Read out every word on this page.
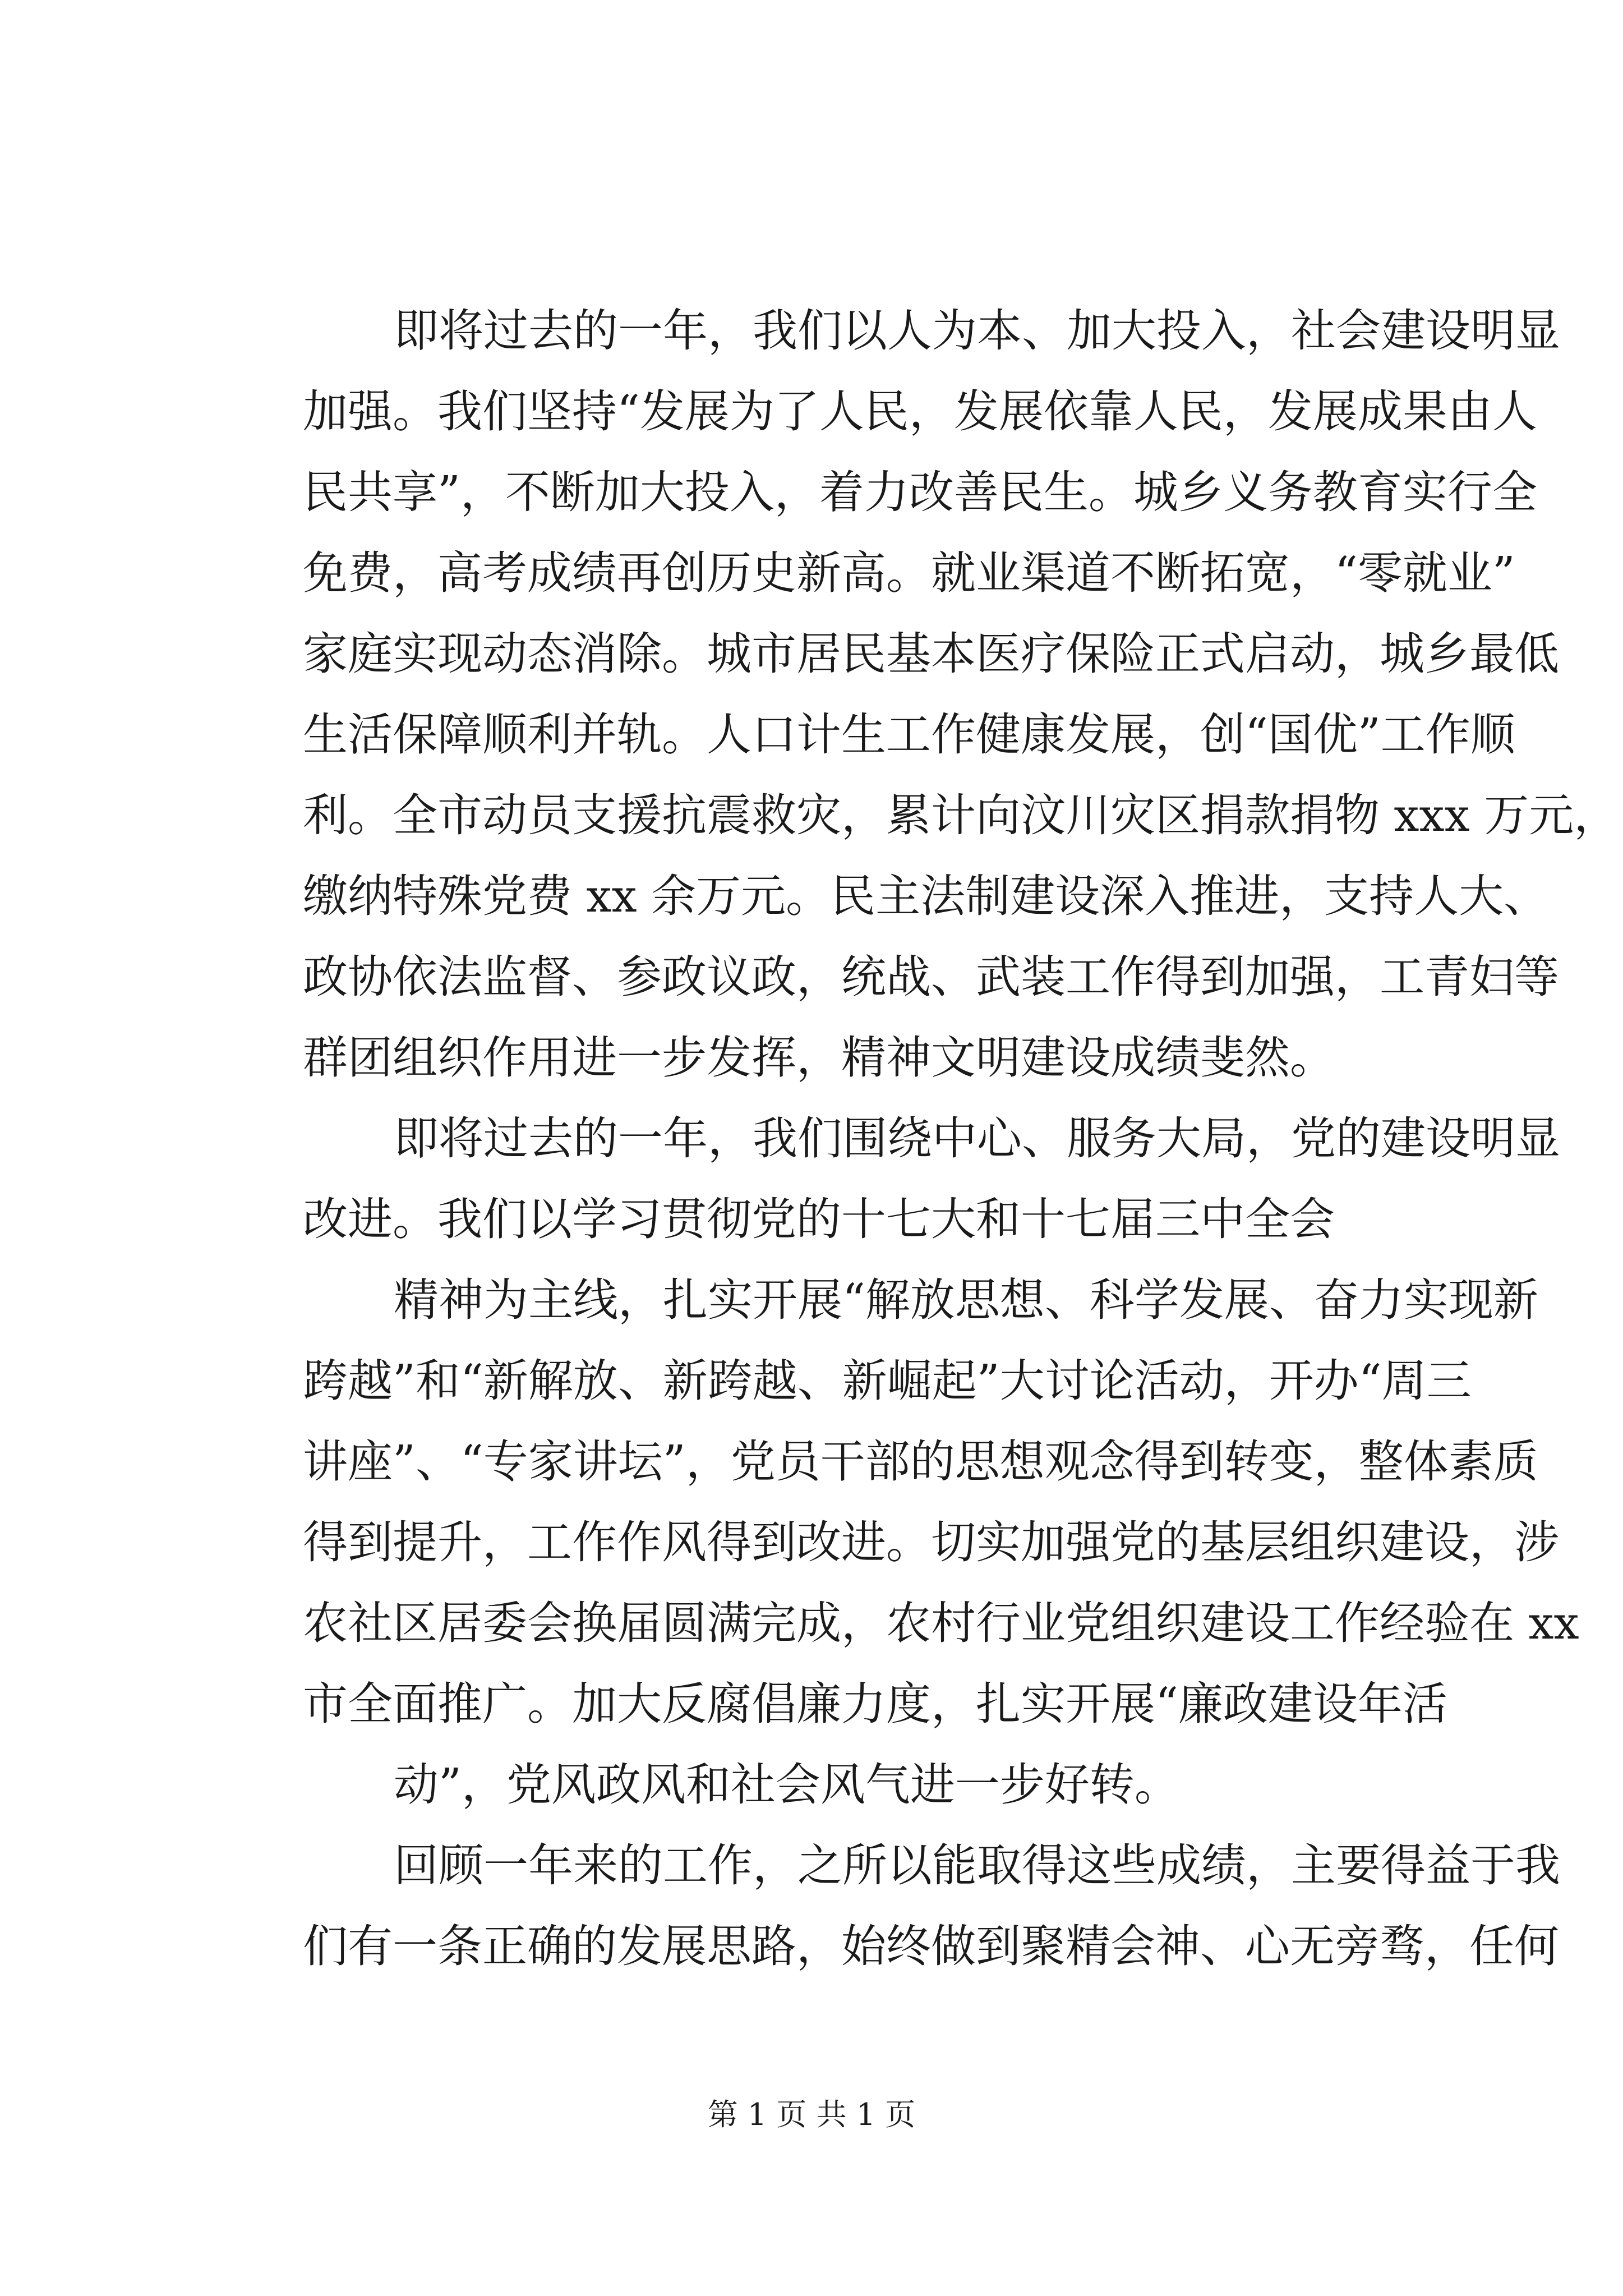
即将过去的一年，我们以人为本、加大投入，社会建设明显
加强。我们坚持“发展为了人民，发展依靠人民，发展成果由人
民共享”，不断加大投入，着力改善民生。城乡义务教育实行全
免费，高考成绩再创历史新高。就业渠道不断拓宽，“零就业”
家庭实现动态消除。城市居民基本医疗保险正式启动，城乡最低
生活保障顺利并轨。人口计生工作健康发展，创“国优”工作顺
利。全市动员支援抗震救灾，累计向汶川灾区捐款捐物 xxx 万元，
缴纳特殊党费 xx 余万元。民主法制建设深入推进，支持人大、
政协依法监督、参政议政，统战、武装工作得到加强，工青妇等
群团组织作用进一步发挥，精神文明建设成绩斐然。
即将过去的一年，我们围绕中心、服务大局，党的建设明显
改进。我们以学习贯彻党的十七大和十七届三中全会
精神为主线，扎实开展“解放思想、科学发展、奋力实现新
跨越”和“新解放、新跨越、新崛起”大讨论活动，开办“周三
讲座”、“专家讲坛”，党员干部的思想观念得到转变，整体素质
得到提升，工作作风得到改进。切实加强党的基层组织建设，涉
农社区居委会换届圆满完成，农村行业党组织建设工作经验在 xx
市全面推广。加大反腐倡廉力度，扎实开展“廉政建设年活
动”，党风政风和社会风气进一步好转。
回顾一年来的工作，之所以能取得这些成绩，主要得益于我
们有一条正确的发展思路，始终做到聚精会神、心无旁骛，任何
第 1 页 共 1 页
